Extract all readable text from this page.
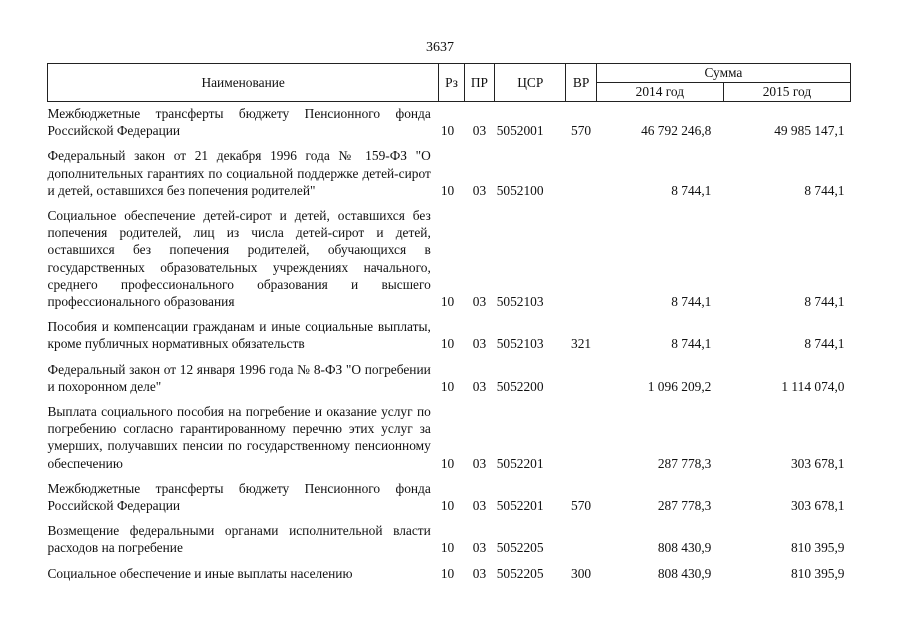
3637
Наименование	Рз	ПР	ЦСР	ВР	Сумма	
					2014 год	2015 год
Межбюджетные трансферты бюджету Пенсионного фонда Российской Федерации	10	03	5052001	570	46 792 246,8	49 985 147,1
Федеральный закон от 21 декабря 1996 года № 159-ФЗ "О дополнительных гарантиях по социальной поддержке детей-сирот и детей, оставшихся без попечения родителей"	10	03	5052100		8 744,1	8 744,1
Социальное обеспечение детей-сирот и детей, оставшихся без попечения родителей, лиц из числа детей-сирот и детей, оставшихся без попечения родителей, обучающихся в государственных образовательных учреждениях начального, среднего профессионального образования и высшего профессионального образования	10	03	5052103		8 744,1	8 744,1
Пособия и компенсации гражданам и иные социальные выплаты, кроме публичных нормативных обязательств	10	03	5052103	321	8 744,1	8 744,1
Федеральный закон от 12 января 1996 года № 8-ФЗ "О погребении и похоронном деле"	10	03	5052200		1 096 209,2	1 114 074,0
Выплата социального пособия на погребение и оказание услуг по погребению согласно гарантированному перечню этих услуг за умерших, получавших пенсии по государственному пенсионному обеспечению	10	03	5052201		287 778,3	303 678,1
Межбюджетные трансферты бюджету Пенсионного фонда Российской Федерации	10	03	5052201	570	287 778,3	303 678,1
Возмещение федеральными органами исполнительной власти расходов на погребение	10	03	5052205		808 430,9	810 395,9
Социальное обеспечение и иные выплаты населению	10	03	5052205	300	808 430,9	810 395,9
